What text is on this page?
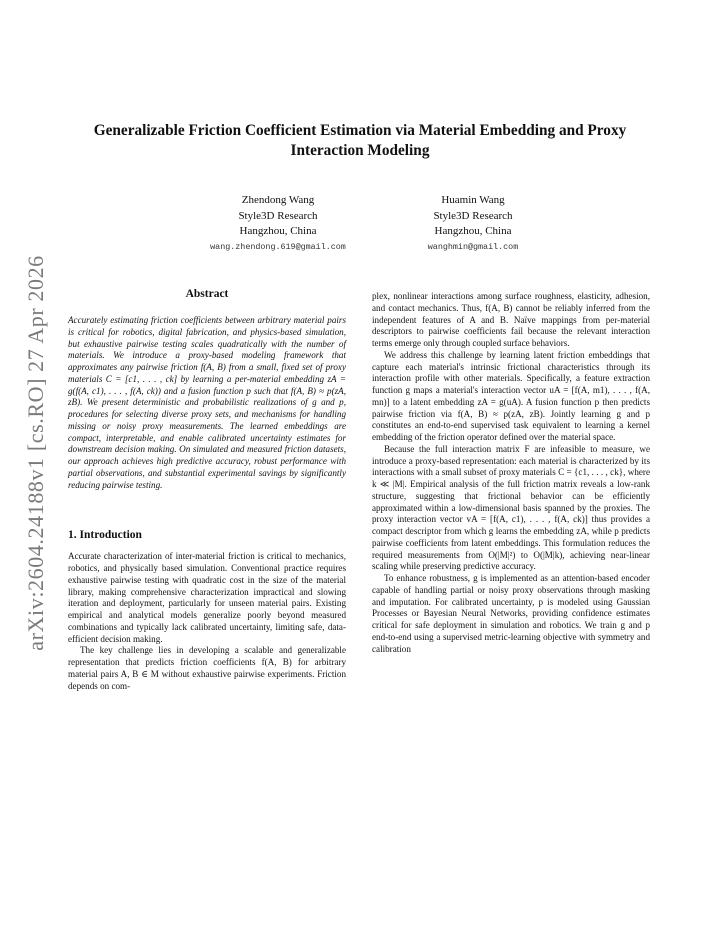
arXiv:2604.24188v1 [cs.RO] 27 Apr 2026
Generalizable Friction Coefficient Estimation via Material Embedding and Proxy Interaction Modeling
Zhendong Wang
Style3D Research
Hangzhou, China
wang.zhendong.619@gmail.com
Huamin Wang
Style3D Research
Hangzhou, China
wanghmin@gmail.com
Abstract

Accurately estimating friction coefficients between arbitrary material pairs is critical for robotics, digital fabrication, and physics-based simulation, but exhaustive pairwise testing scales quadratically with the number of materials. We introduce a proxy-based modeling framework that approximates any pairwise friction f(A, B) from a small, fixed set of proxy materials C = [c1, . . . , ck] by learning a per-material embedding zA = g(f(A, c1), . . . , f(A, ck)) and a fusion function p such that f(A, B) ≈ p(zA, zB). We present deterministic and probabilistic realizations of g and p, procedures for selecting diverse proxy sets, and mechanisms for handling missing or noisy proxy measurements. The learned embeddings are compact, interpretable, and enable calibrated uncertainty estimates for downstream decision making. On simulated and measured friction datasets, our approach achieves high predictive accuracy, robust performance with partial observations, and substantial experimental savings by significantly reducing pairwise testing.

1. Introduction

Accurate characterization of inter-material friction is critical to mechanics, robotics, and physically based simulation. Conventional practice requires exhaustive pairwise testing with quadratic cost in the size of the material library, making comprehensive characterization impractical and slowing iteration and deployment, particularly for unseen material pairs. Existing empirical and analytical models generalize poorly beyond measured combinations and typically lack calibrated uncertainty, limiting safe, data-efficient decision making.

The key challenge lies in developing a scalable and generalizable representation that predicts friction coefficients f(A, B) for arbitrary material pairs A, B ∈ M without exhaustive pairwise experiments. Friction depends on com-

plex, nonlinear interactions among surface roughness, elasticity, adhesion, and contact mechanics. Thus, f(A, B) cannot be reliably inferred from the independent features of A and B. Naïve mappings from per-material descriptors to pairwise coefficients fail because the relevant interaction terms emerge only through coupled surface behaviors.

We address this challenge by learning latent friction embeddings that capture each material's intrinsic frictional characteristics through its interaction profile with other materials. Specifically, a feature extraction function g maps a material's interaction vector uA = [f(A, m1), . . . , f(A, mn)] to a latent embedding zA = g(uA). A fusion function p then predicts pairwise friction via f(A, B) ≈ p(zA, zB). Jointly learning g and p constitutes an end-to-end supervised task equivalent to learning a kernel embedding of the friction operator defined over the material space.

Because the full interaction matrix F are infeasible to measure, we introduce a proxy-based representation: each material is characterized by its interactions with a small subset of proxy materials C = {c1, . . . , ck}, where k ≪ |M|. Empirical analysis of the full friction matrix reveals a low-rank structure, suggesting that frictional behavior can be efficiently approximated within a low-dimensional basis spanned by the proxies. The proxy interaction vector vA = [f(A, c1), . . . , f(A, ck)] thus provides a compact descriptor from which g learns the embedding zA, while p predicts pairwise coefficients from latent embeddings. This formulation reduces the required measurements from O(|M|²) to O(|M|k), achieving near-linear scaling while preserving predictive accuracy.

To enhance robustness, g is implemented as an attention-based encoder capable of handling partial or noisy proxy observations through masking and imputation. For calibrated uncertainty, p is modeled using Gaussian Processes or Bayesian Neural Networks, providing confidence estimates critical for safe deployment in simulation and robotics. We train g and p end-to-end using a supervised metric-learning objective with symmetry and calibration
